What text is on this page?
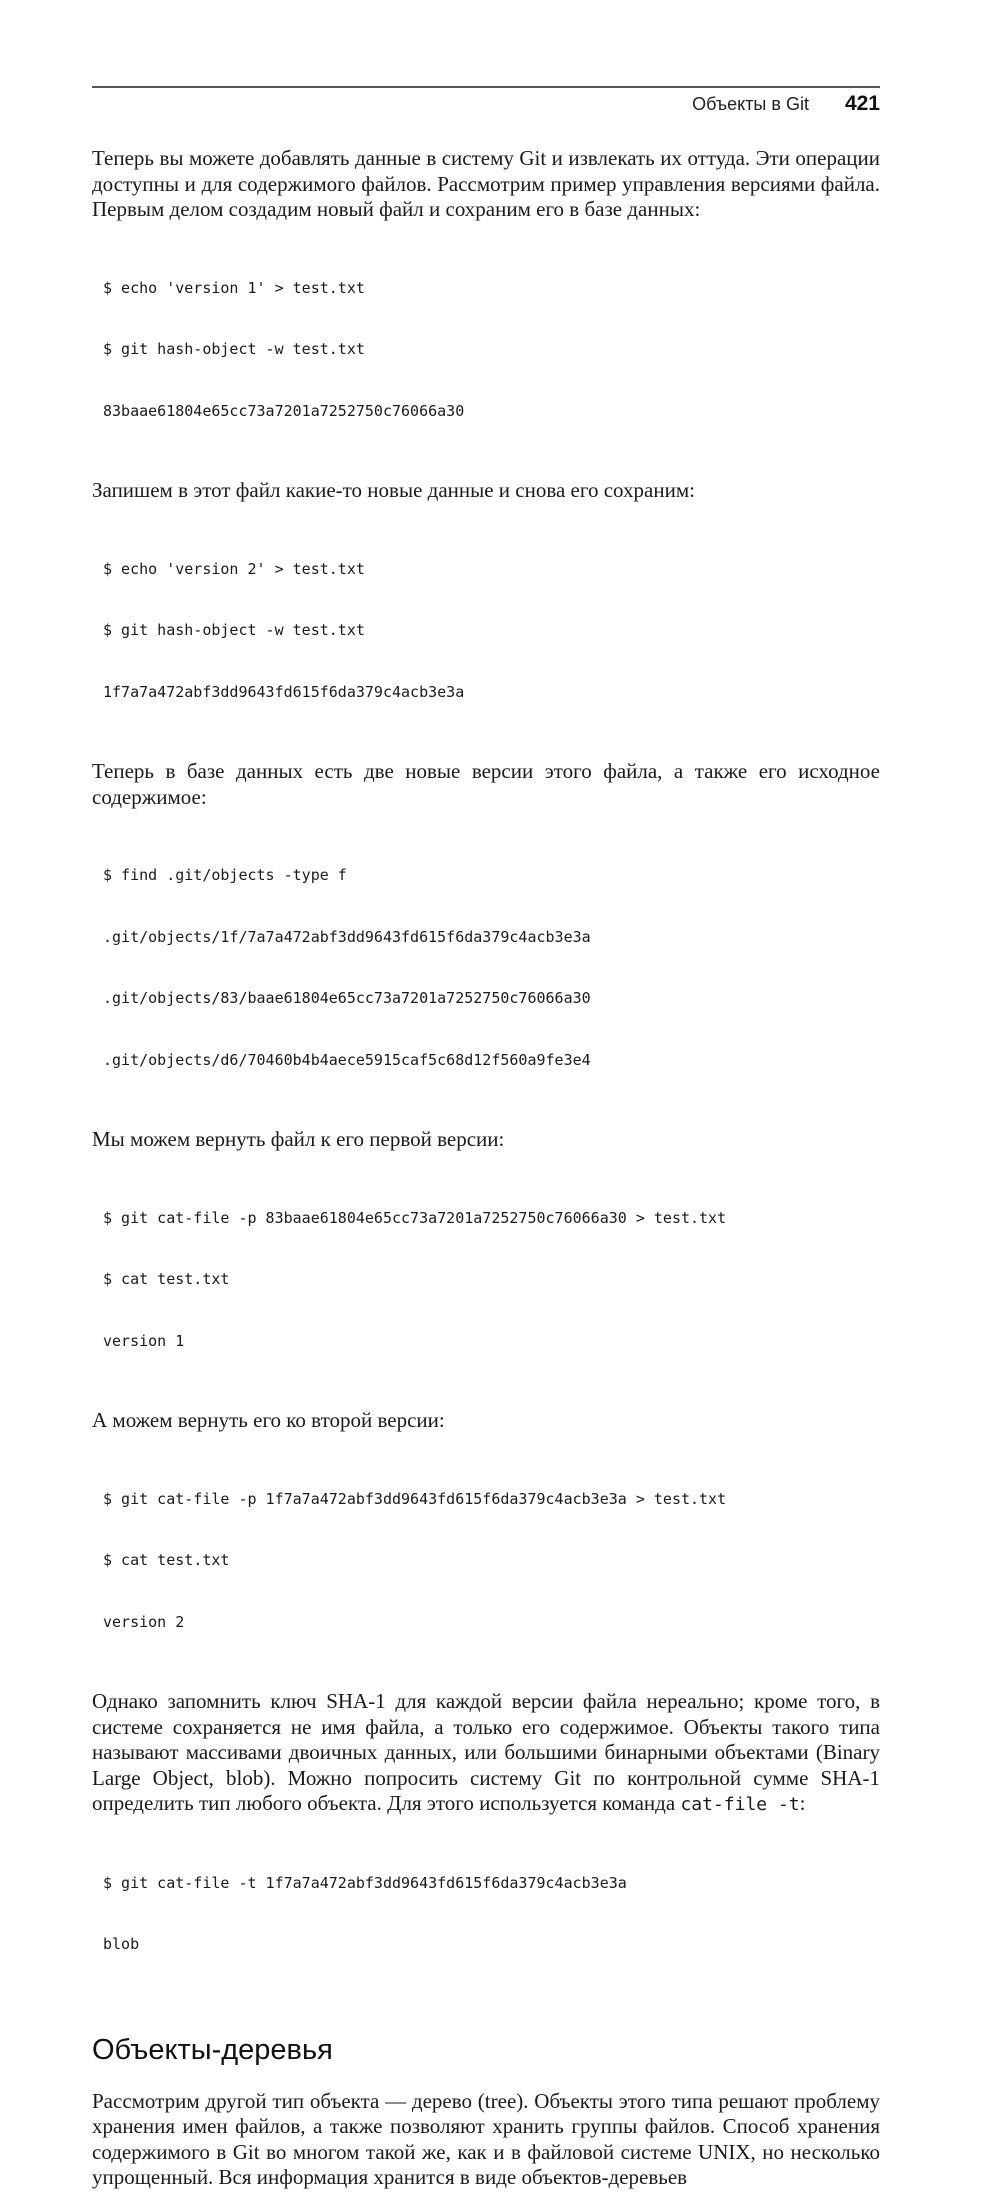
Объекты в Git 421

Теперь вы можете добавлять данные в систему Git и извлекать их оттуда. Эти операции доступны и для содержимого файлов. Рассмотрим пример управления версиями файла. Первым делом создадим новый файл и сохраним его в базе данных:

$ echo 'version 1' > test.txt

$ git hash-object -w test.txt

83baae61804e65cc73a7201a7252750c76066a30

Запишем в этот файл какие-то новые данные и снова его сохраним:

$ echo 'version 2' > test.txt

$ git hash-object -w test.txt

1f7a7a472abf3dd9643fd615f6da379c4acb3e3a

Теперь в базе данных есть две новые версии этого файла, а также его исходное содержимое:

$ find .git/objects -type f

.git/objects/1f/7a7a472abf3dd9643fd615f6da379c4acb3e3a

.git/objects/83/baae61804e65cc73a7201a7252750c76066a30

.git/objects/d6/70460b4b4aece5915caf5c68d12f560a9fe3e4

Мы можем вернуть файл к его первой версии:

$ git cat-file -p 83baae61804e65cc73a7201a7252750c76066a30 > test.txt

$ cat test.txt

version 1

А можем вернуть его ко второй версии:

$ git cat-file -p 1f7a7a472abf3dd9643fd615f6da379c4acb3e3a > test.txt

$ cat test.txt

version 2

Однако запомнить ключ SHA-1 для каждой версии файла нереально; кроме того, в системе сохраняется не имя файла, а только его содержимое. Объекты такого типа называют массивами двоичных данных, или большими бинарными объектами (Binary Large Object, blob). Можно попросить систему Git по контрольной сумме SHA-1 определить тип любого объекта. Для этого используется команда cat-file -t:

$ git cat-file -t 1f7a7a472abf3dd9643fd615f6da379c4acb3e3a

blob

Объекты-деревья

Рассмотрим другой тип объекта — дерево (tree). Объекты этого типа решают проблему хранения имен файлов, а также позволяют хранить группы файлов. Способ хранения содержимого в Git во многом такой же, как и в файловой системе UNIX, но несколько упрощенный. Вся информация хранится в виде объектов-деревьев
